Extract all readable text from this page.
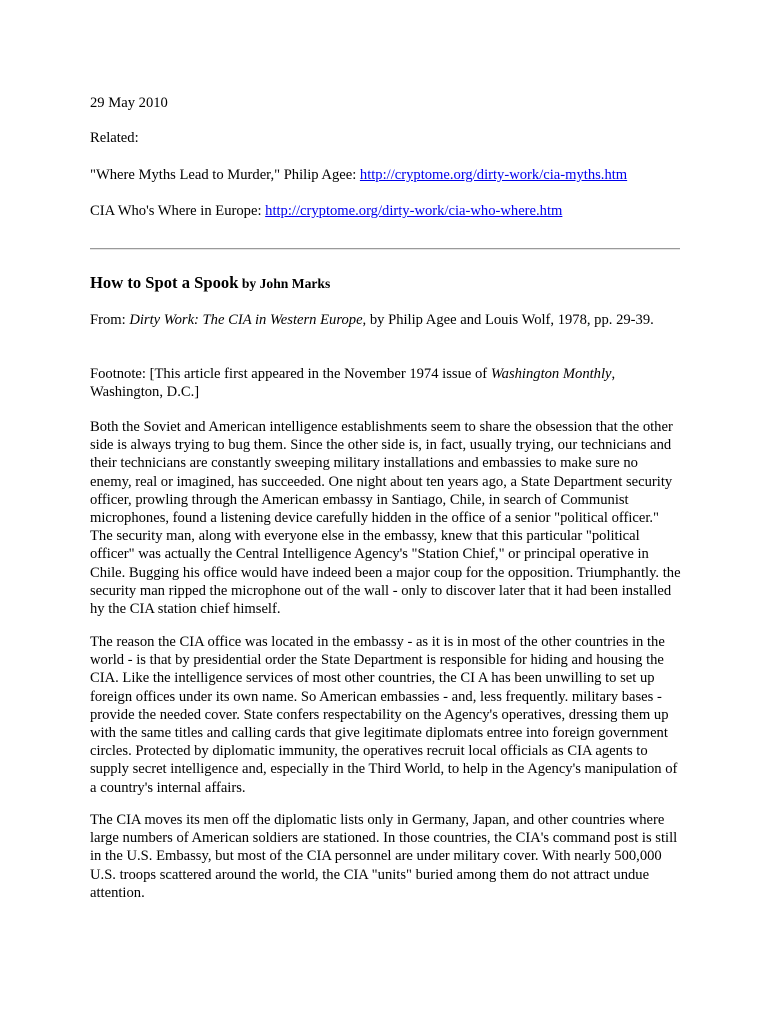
29 May 2010

Related:

"Where Myths Lead to Murder," Philip Agee: http://cryptome.org/dirty-work/cia-myths.htm

CIA Who's Where in Europe: http://cryptome.org/dirty-work/cia-who-where.htm

How to Spot a Spook by John Marks

From: Dirty Work: The CIA in Western Europe, by Philip Agee and Louis Wolf, 1978, pp. 29-39.

Footnote: [This article first appeared in the November 1974 issue of Washington Monthly, Washington, D.C.]

Both the Soviet and American intelligence establishments seem to share the obsession that the other side is always trying to bug them. Since the other side is, in fact, usually trying, our technicians and their technicians are constantly sweeping military installations and embassies to make sure no enemy, real or imagined, has succeeded. One night about ten years ago, a State Department security officer, prowling through the American embassy in Santiago, Chile, in search of Communist microphones, found a listening device carefully hidden in the office of a senior "political officer." The security man, along with everyone else in the embassy, knew that this particular "political officer" was actually the Central Intelligence Agency's "Station Chief," or principal operative in Chile. Bugging his office would have indeed been a major coup for the opposition. Triumphantly. the security man ripped the microphone out of the wall - only to discover later that it had been installed hy the CIA station chief himself.

The reason the CIA office was located in the embassy - as it is in most of the other countries in the world - is that by presidential order the State Department is responsible for hiding and housing the CIA. Like the intelligence services of most other countries, the CI A has been unwilling to set up foreign offices under its own name. So American embassies - and, less frequently. military bases - provide the needed cover. State confers respectability on the Agency's operatives, dressing them up with the same titles and calling cards that give legitimate diplomats entree into foreign government circles. Protected by diplomatic immunity, the operatives recruit local officials as CIA agents to supply secret intelligence and, especially in the Third World, to help in the Agency's manipulation of a country's internal affairs.

The CIA moves its men off the diplomatic lists only in Germany, Japan, and other countries where large numbers of American soldiers are stationed. In those countries, the CIA's command post is still in the U.S. Embassy, but most of the CIA personnel are under military cover. With nearly 500,000 U.S. troops scattered around the world, the CIA "units" buried among them do not attract undue attention.
